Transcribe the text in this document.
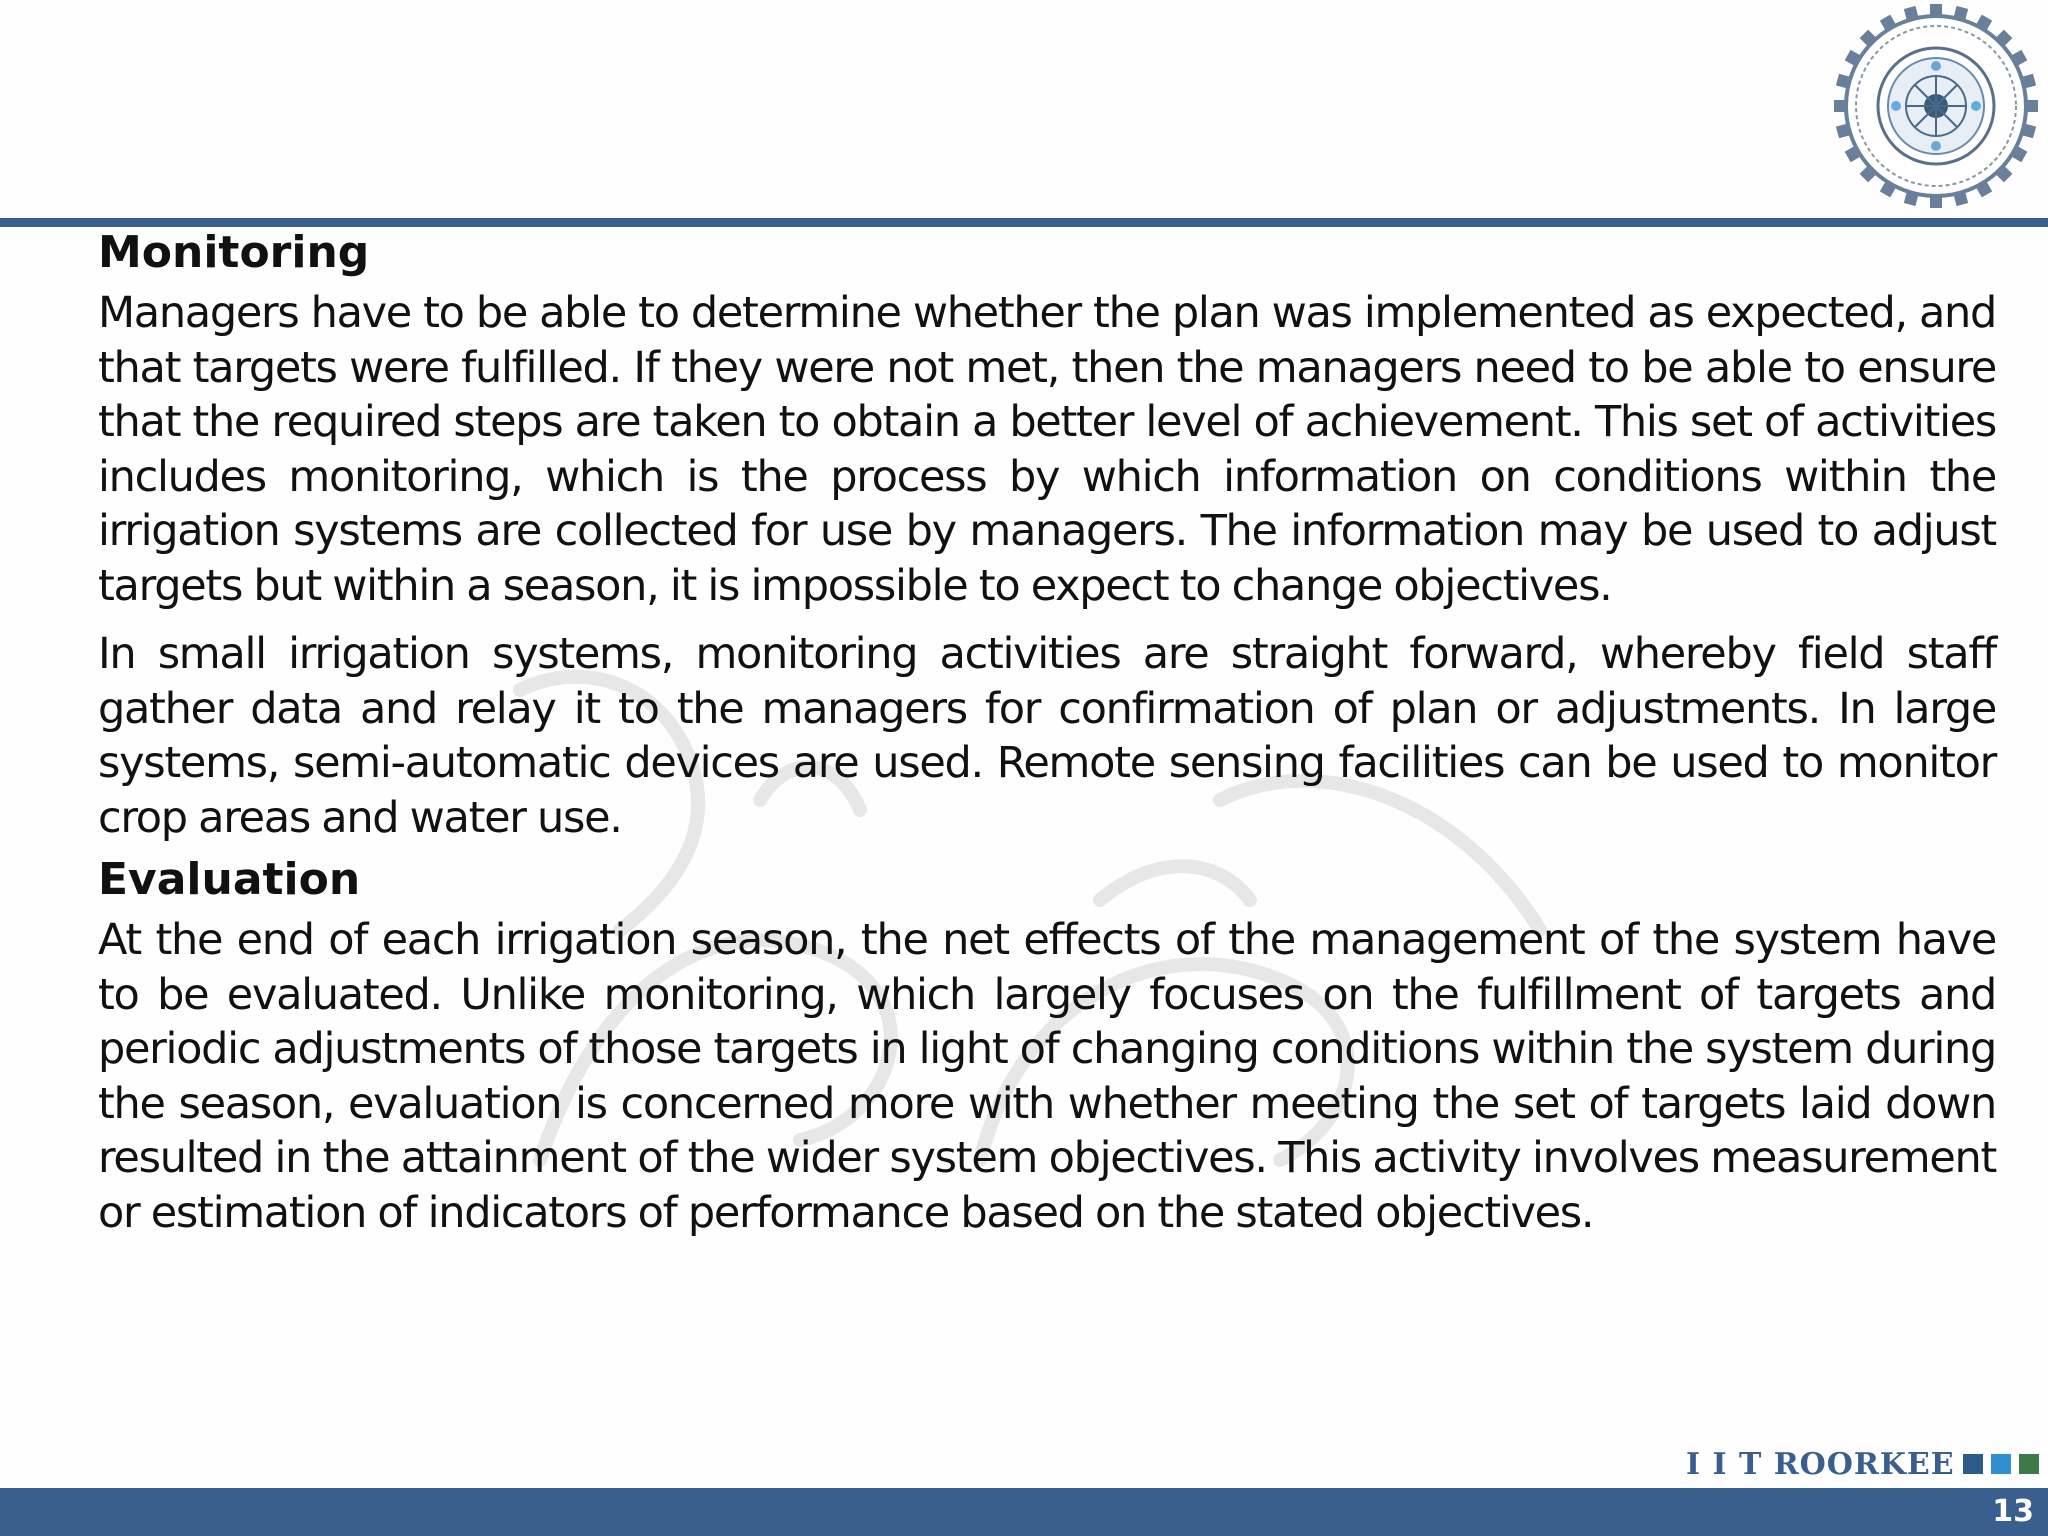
Monitoring

Managers have to be able to determine whether the plan was implemented as expected, and that targets were fulfilled. If they were not met, then the managers need to be able to ensure that the required steps are taken to obtain a better level of achievement. This set of activities includes monitoring, which is the process by which information on conditions within the irrigation systems are collected for use by managers. The information may be used to adjust targets but within a season, it is impossible to expect to change objectives.

In small irrigation systems, monitoring activities are straight forward, whereby field staff gather data and relay it to the managers for confirmation of plan or adjustments. In large systems, semi-automatic devices are used. Remote sensing facilities can be used to monitor crop areas and water use.

Evaluation

At the end of each irrigation season, the net effects of the management of the system have to be evaluated. Unlike monitoring, which largely focuses on the fulfillment of targets and periodic adjustments of those targets in light of changing conditions within the system during the season, evaluation is concerned more with whether meeting the set of targets laid down resulted in the attainment of the wider system objectives. This activity involves measurement or estimation of indicators of performance based on the stated objectives.

I I T ROORKEE
13
